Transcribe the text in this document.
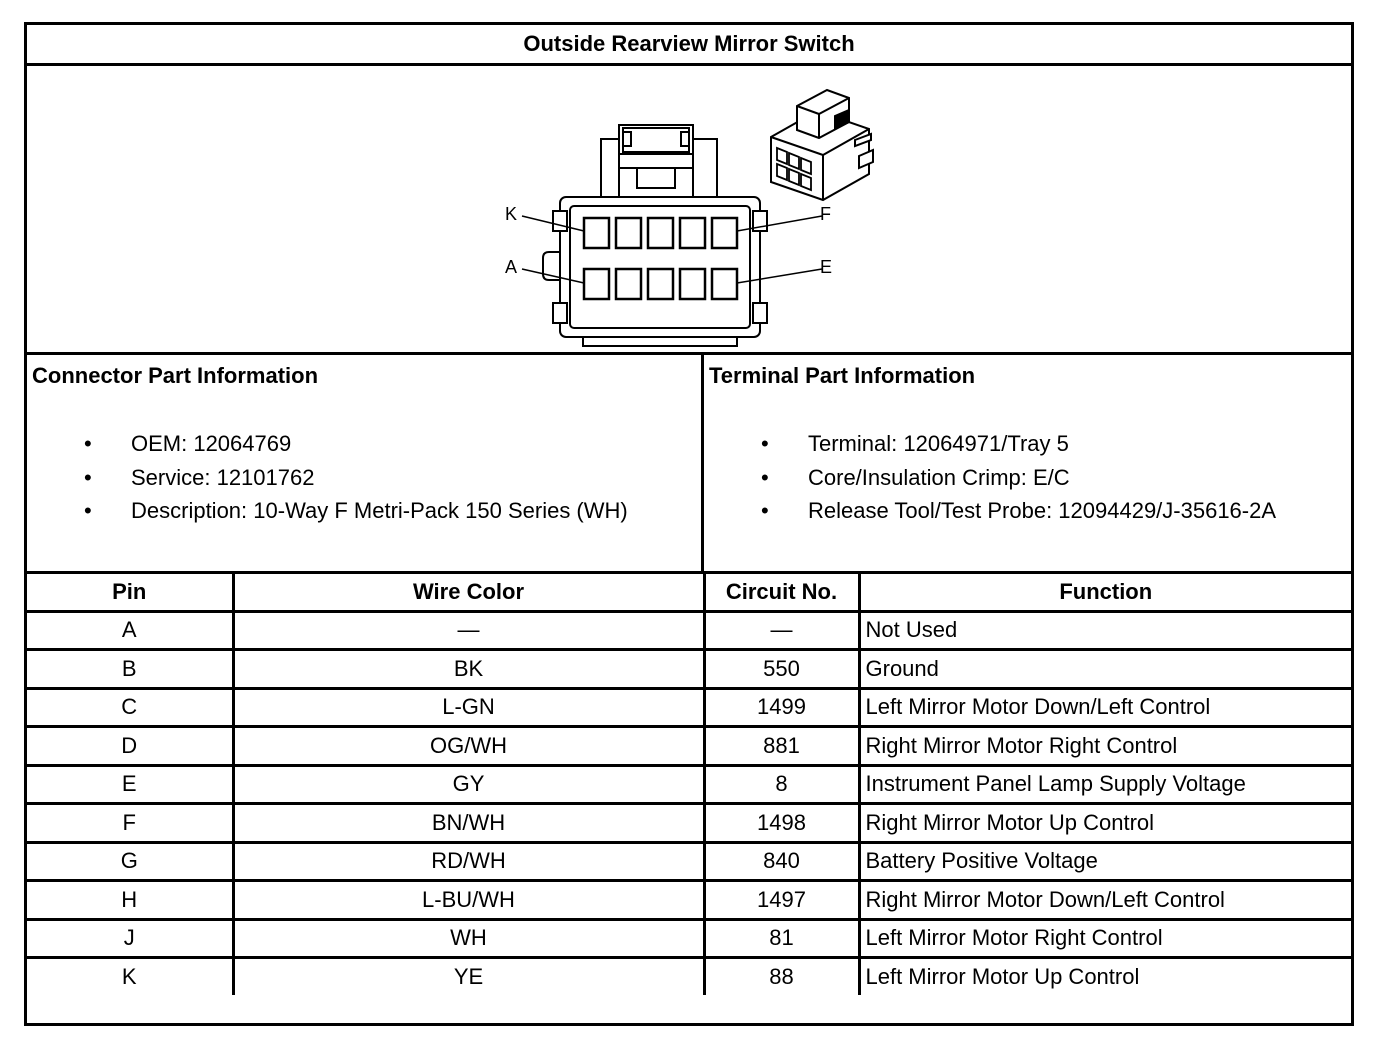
Outside Rearview Mirror Switch
K	F
A	E
Connector Part Information
• OEM: 12064769
• Service: 12101762
• Description: 10-Way F Metri-Pack 150 Series (WH)
Terminal Part Information
• Terminal: 12064971/Tray 5
• Core/Insulation Crimp: E/C
• Release Tool/Test Probe: 12094429/J-35616-2A
Pin	Wire Color	Circuit No.	Function
A	—	—	Not Used
B	BK	550	Ground
C	L-GN	1499	Left Mirror Motor Down/Left Control
D	OG/WH	881	Right Mirror Motor Right Control
E	GY	8	Instrument Panel Lamp Supply Voltage
F	BN/WH	1498	Right Mirror Motor Up Control
G	RD/WH	840	Battery Positive Voltage
H	L-BU/WH	1497	Right Mirror Motor Down/Left Control
J	WH	81	Left Mirror Motor Right Control
K	YE	88	Left Mirror Motor Up Control
